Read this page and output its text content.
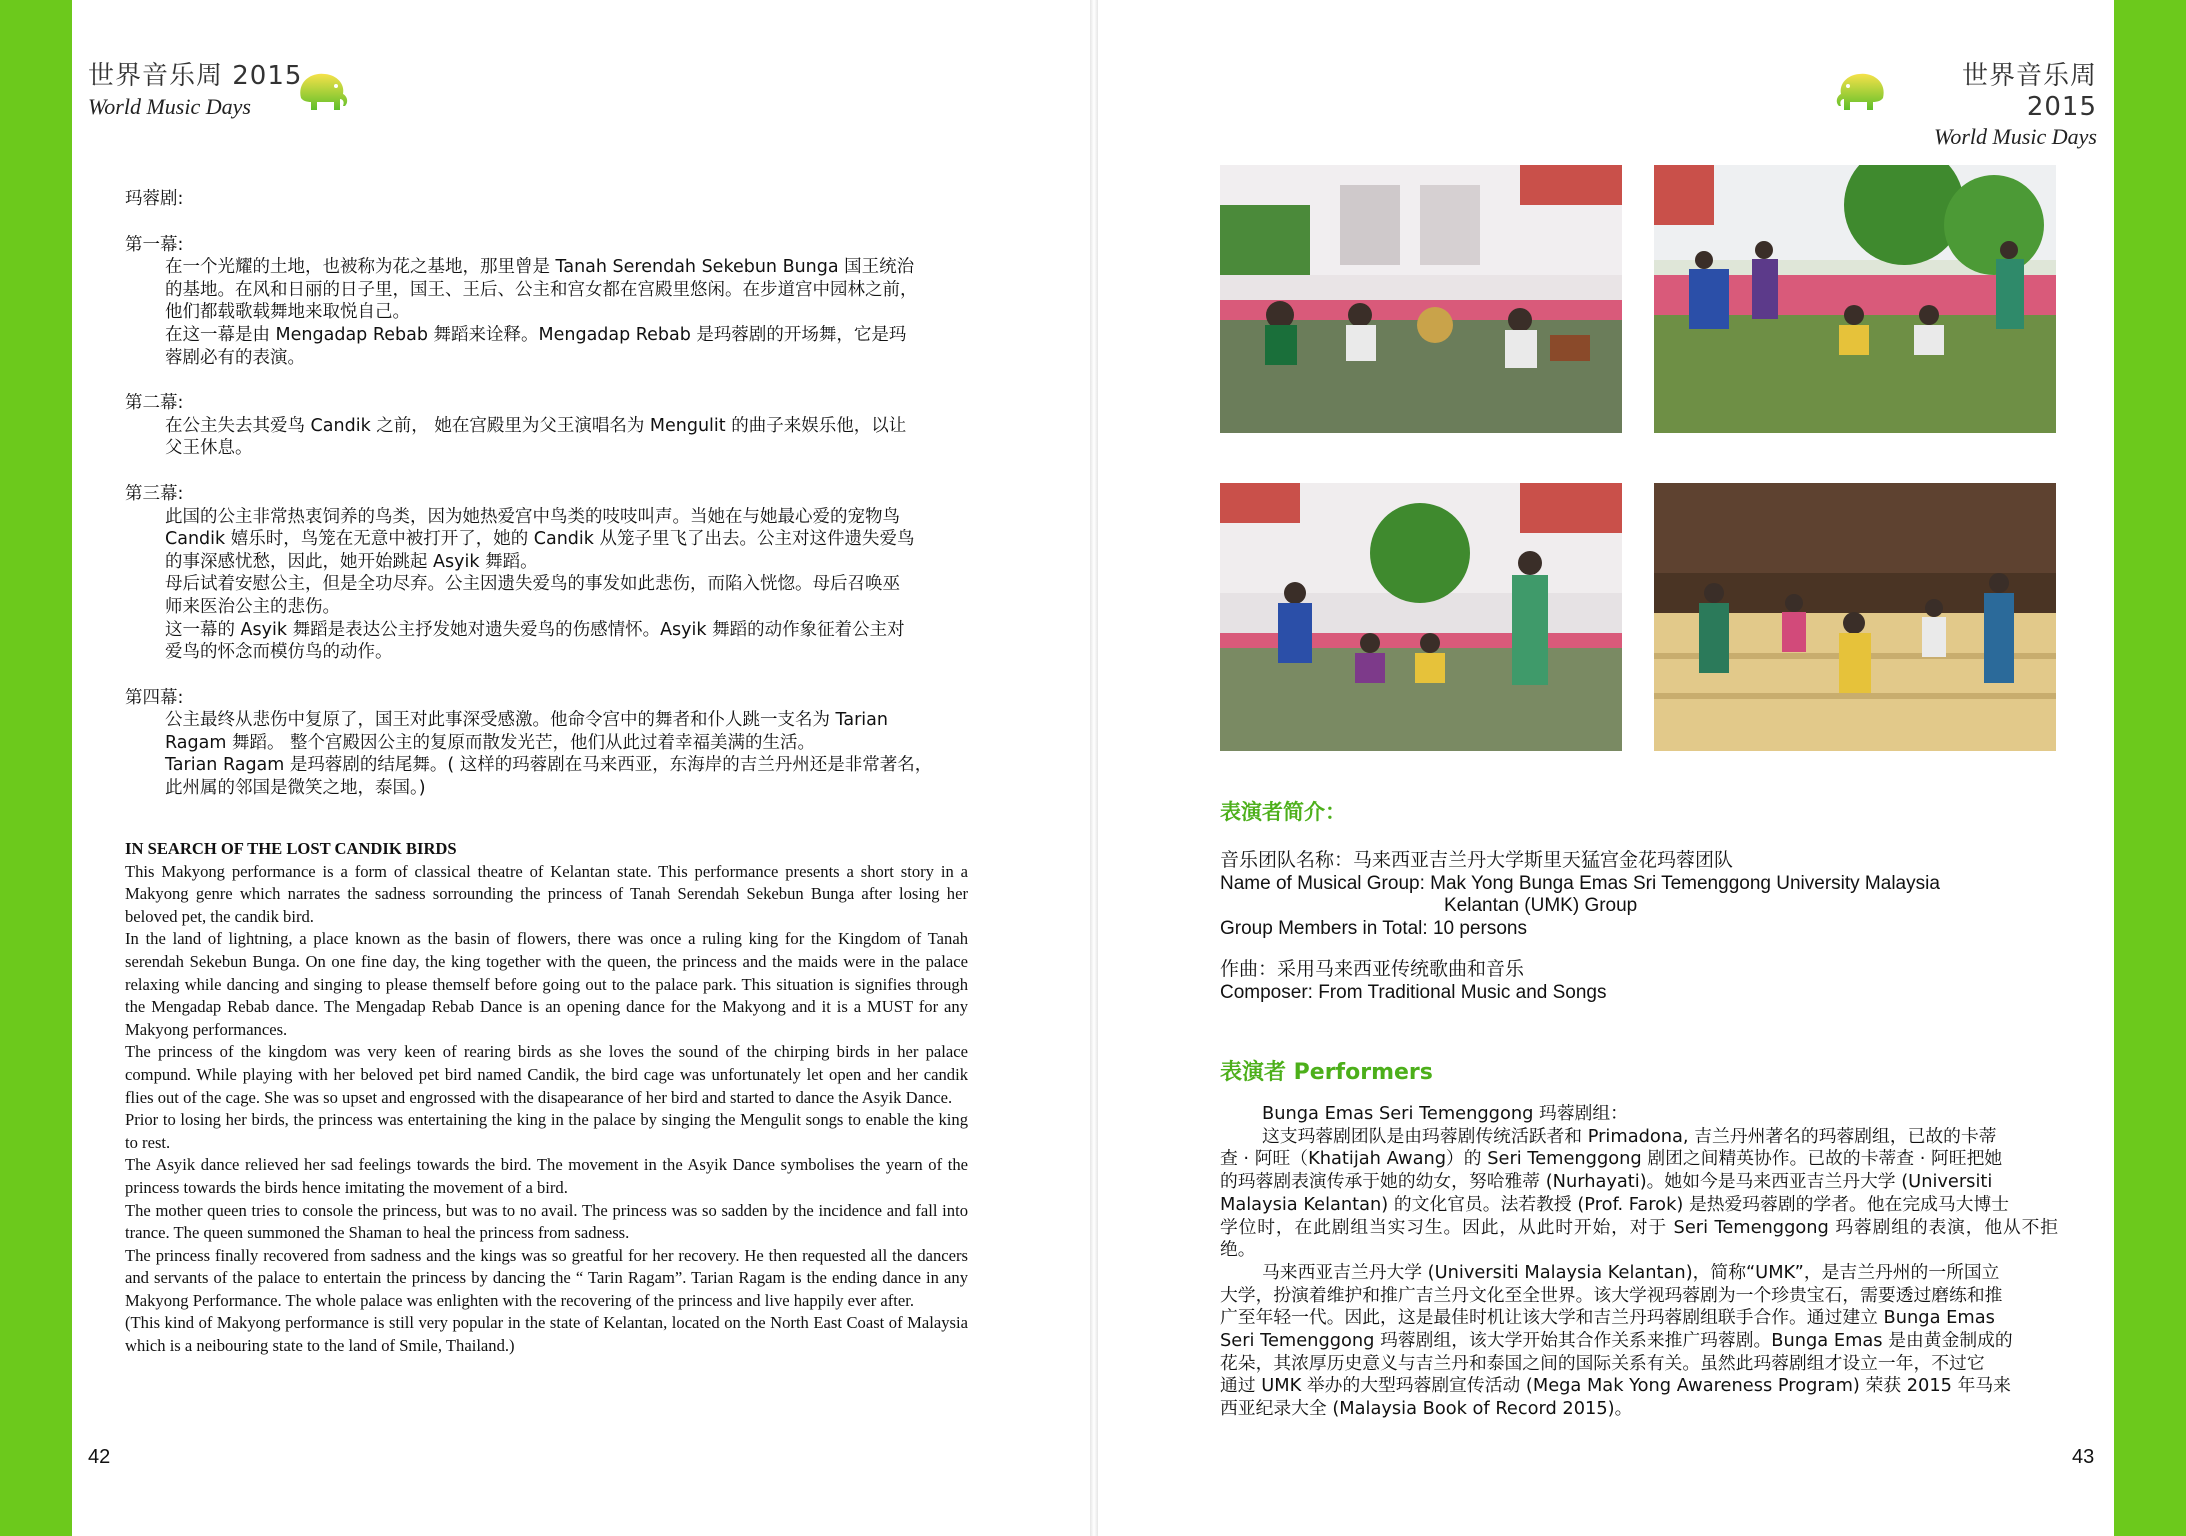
世界音乐周 2015
World Music Days
世界音乐周 2015
World Music Days

玛蓉剧:

第一幕:

在一个光耀的土地，也被称为花之基地，那里曾是 Tanah Serendah Sekebun Bunga 国王统治

的基地。在风和日丽的日子里，国王、王后、公主和宫女都在宫殿里悠闲。在步道宫中园林之前，

他们都载歌载舞地来取悦自己。

在这一幕是由 Mengadap Rebab 舞蹈来诠释。Mengadap Rebab 是玛蓉剧的开场舞，它是玛

蓉剧必有的表演。

第二幕:

在公主失去其爱鸟 Candik 之前， 她在宫殿里为父王演唱名为 Mengulit 的曲子来娱乐他，以让

父王休息。

第三幕:

此国的公主非常热衷饲养的鸟类，因为她热爱宫中鸟类的吱吱叫声。当她在与她最心爱的宠物鸟

Candik 嬉乐时，鸟笼在无意中被打开了，她的 Candik 从笼子里飞了出去。公主对这件遗失爱鸟

的事深感忧愁，因此，她开始跳起 Asyik 舞蹈。

母后试着安慰公主，但是全功尽弃。公主因遗失爱鸟的事发如此悲伤，而陷入恍惚。母后召唤巫

师来医治公主的悲伤。

这一幕的 Asyik 舞蹈是表达公主抒发她对遗失爱鸟的伤感情怀。Asyik 舞蹈的动作象征着公主对

爱鸟的怀念而模仿鸟的动作。

第四幕:

公主最终从悲伤中复原了，国王对此事深受感激。他命令宫中的舞者和仆人跳一支名为 Tarian

Ragam 舞蹈。 整个宫殿因公主的复原而散发光芒，他们从此过着幸福美满的生活。

Tarian Ragam 是玛蓉剧的结尾舞。( 这样的玛蓉剧在马来西亚，东海岸的吉兰丹州还是非常著名，

此州属的邻国是微笑之地，泰国。)

IN SEARCH OF THE LOST CANDIK BIRDS

This Makyong performance is a form of classical theatre of Kelantan state. This performance presents a short story in a Makyong genre which narrates the sadness sorrounding the princess of Tanah Serendah Sekebun Bunga after losing her beloved pet, the candik bird.

In the land of lightning, a place known as the basin of flowers, there was once a ruling king for the Kingdom of Tanah serendah Sekebun Bunga. On one fine day, the king together with the queen, the princess and the maids were in the palace relaxing while dancing and singing to please themself before going out to the palace park. This situation is signifies through the Mengadap Rebab dance. The Mengadap Rebab Dance is an opening dance for the Makyong and it is a MUST for any Makyong performances.

The princess of the kingdom was very keen of rearing birds as she loves the sound of the chirping birds in her palace compund. While playing with her beloved pet bird named Candik, the bird cage was unfortunately let open and her candik flies out of the cage. She was so upset and engrossed with the disapearance of her bird and started to dance the Asyik Dance.

Prior to losing her birds, the princess was entertaining the king in the palace by singing the Mengulit songs to enable the king to rest.

The Asyik dance relieved her sad feelings towards the bird. The movement in the Asyik Dance symbolises the yearn of the princess towards the birds hence imitating the movement of a bird.

The mother queen tries to console the princess, but was to no avail. The princess was so sadden by the incidence and fall into trance. The queen summoned the Shaman to heal the princess from sadness.

The princess finally recovered from sadness and the kings was so greatful for her recovery. He then requested all the dancers and servants of the palace to entertain the princess by dancing the “ Tarin Ragam”. Tarian Ragam is the ending dance in any Makyong Performance. The whole palace was enlighten with the recovering of the princess and live happily ever after.

(This kind of Makyong performance is still very popular in the state of Kelantan, located on the North East Coast of Malaysia which is a neibouring state to the land of Smile, Thailand.)

42
表演者简介：

音乐团队名称：马来西亚吉兰丹大学斯里天猛宫金花玛蓉团队

Name of Musical Group: Mak Yong Bunga Emas Sri Temenggong University Malaysia

Kelantan (UMK) Group

Group Members in Total: 10 persons

作曲：采用马来西亚传统歌曲和音乐

Composer: From Traditional Music and Songs

表演者 Performers

Bunga Emas Seri Temenggong 玛蓉剧组：

这支玛蓉剧团队是由玛蓉剧传统活跃者和 Primadona, 吉兰丹州著名的玛蓉剧组，已故的卡蒂

查 · 阿旺（Khatijah Awang）的 Seri Temenggong 剧团之间精英协作。已故的卡蒂查 · 阿旺把她

的玛蓉剧表演传承于她的幼女，努哈雅蒂 (Nurhayati)。她如今是马来西亚吉兰丹大学 (Universiti

Malaysia Kelantan) 的文化官员。法若教授 (Prof. Farok) 是热爱玛蓉剧的学者。他在完成马大博士

学位时，在此剧组当实习生。因此，从此时开始，对于 Seri Temenggong 玛蓉剧组的表演，他从不拒绝。

马来西亚吉兰丹大学 (Universiti Malaysia Kelantan)，简称“UMK”，是吉兰丹州的一所国立

大学，扮演着维护和推广吉兰丹文化至全世界。该大学视玛蓉剧为一个珍贵宝石，需要透过磨练和推

广至年轻一代。因此，这是最佳时机让该大学和吉兰丹玛蓉剧组联手合作。通过建立 Bunga Emas

Seri Temenggong 玛蓉剧组，该大学开始其合作关系来推广玛蓉剧。Bunga Emas 是由黄金制成的

花朵，其浓厚历史意义与吉兰丹和泰国之间的国际关系有关。虽然此玛蓉剧组才设立一年，不过它

通过 UMK 举办的大型玛蓉剧宣传活动 (Mega Mak Yong Awareness Program) 荣获 2015 年马来

西亚纪录大全 (Malaysia Book of Record 2015)。

43
